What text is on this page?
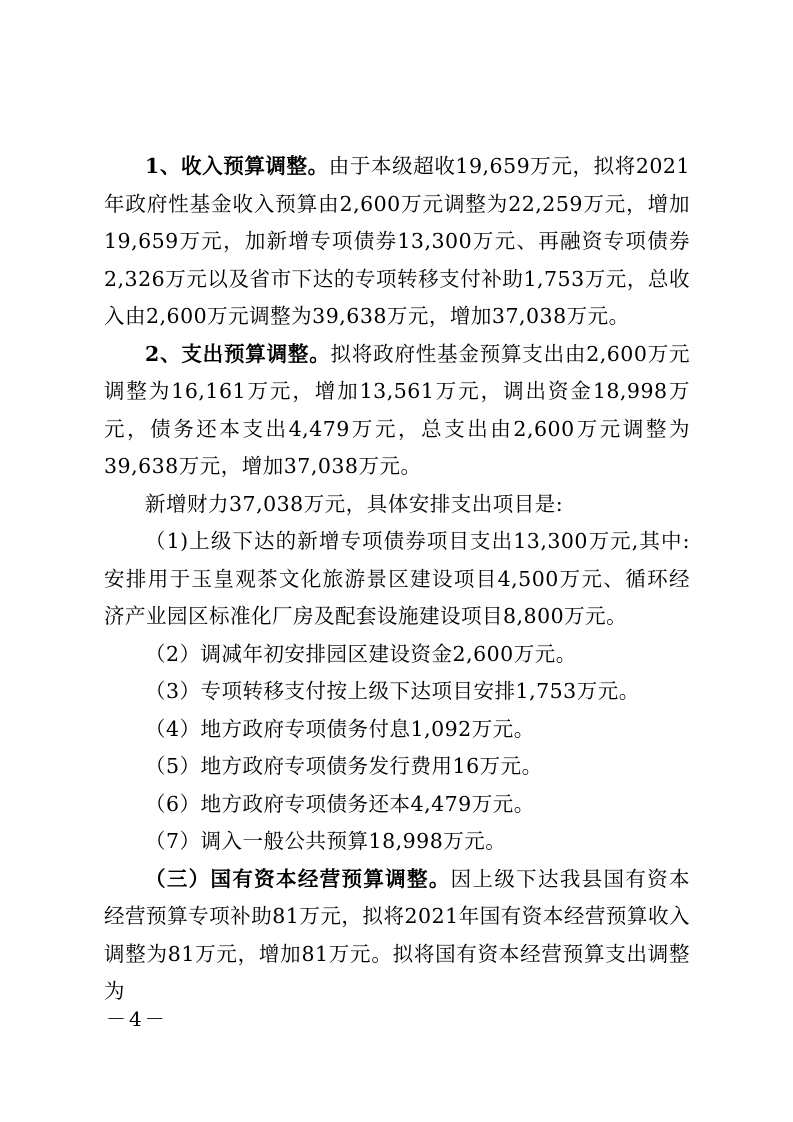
1、收入预算调整。由于本级超收19,659万元，拟将2021年政府性基金收入预算由2,600万元调整为22,259万元，增加19,659万元，加新增专项债券13,300万元、再融资专项债券2,326万元以及省市下达的专项转移支付补助1,753万元，总收入由2,600万元调整为39,638万元，增加37,038万元。

2、支出预算调整。拟将政府性基金预算支出由2,600万元调整为16,161万元，增加13,561万元，调出资金18,998万元，债务还本支出4,479万元，总支出由2,600万元调整为39,638万元，增加37,038万元。

新增财力37,038万元，具体安排支出项目是:

（1)上级下达的新增专项债券项目支出13,300万元,其中:安排用于玉皇观茶文化旅游景区建设项目4,500万元、循环经济产业园区标准化厂房及配套设施建设项目8,800万元。

（2）调减年初安排园区建设资金2,600万元。

（3）专项转移支付按上级下达项目安排1,753万元。

（4）地方政府专项债务付息1,092万元。

（5）地方政府专项债务发行费用16万元。

（6）地方政府专项债务还本4,479万元。

（7）调入一般公共预算18,998万元。

（三）国有资本经营预算调整。因上级下达我县国有资本经营预算专项补助81万元，拟将2021年国有资本经营预算收入调整为81万元，增加81万元。拟将国有资本经营预算支出调整为

－4－
